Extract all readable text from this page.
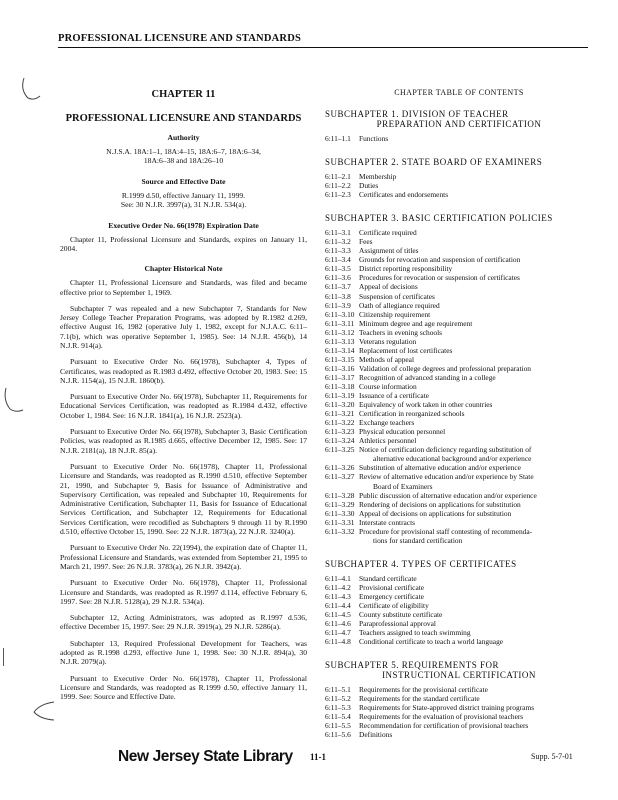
PROFESSIONAL LICENSURE AND STANDARDS
CHAPTER 11
PROFESSIONAL LICENSURE AND STANDARDS
Authority
N.J.S.A. 18A:1–1, 18A:4–15, 18A:6–7, 18A:6–34,
18A:6–38 and 18A:26–10
Source and Effective Date
R.1999 d.50, effective January 11, 1999.
See: 30 N.J.R. 3997(a), 31 N.J.R. 534(a).
Executive Order No. 66(1978) Expiration Date
Chapter 11, Professional Licensure and Standards, expires on January 11, 2004.
Chapter Historical Note
Chapter 11, Professional Licensure and Standards, was filed and became effective prior to September 1, 1969.
Subchapter 7 was repealed and a new Subchapter 7, Standards for New Jersey College Teacher Preparation Programs, was adopted by R.1982 d.269, effective August 16, 1982 (operative July 1, 1982, except for N.J.A.C. 6:11–7.1(b), which was operative September 1, 1985). See: 14 N.J.R. 456(b), 14 N.J.R. 914(a).
Pursuant to Executive Order No. 66(1978), Subchapter 4, Types of Certificates, was readopted as R.1983 d.492, effective October 20, 1983. See: 15 N.J.R. 1154(a), 15 N.J.R. 1860(b).
Pursuant to Executive Order No. 66(1978), Subchapter 11, Requirements for Educational Services Certification, was readopted as R.1984 d.432, effective October 1, 1984. See: 16 N.J.R. 1841(a), 16 N.J.R. 2523(a).
Pursuant to Executive Order No. 66(1978), Subchapter 3, Basic Certification Policies, was readopted as R.1985 d.665, effective December 12, 1985. See: 17 N.J.R. 2181(a), 18 N.J.R. 85(a).
Pursuant to Executive Order No. 66(1978), Chapter 11, Professional Licensure and Standards, was readopted as R.1990 d.510, effective September 21, 1990, and Subchapter 9, Basis for Issuance of Administrative and Supervisory Certification, was repealed and Subchapter 10, Requirements for Administrative Certification, Subchapter 11, Basis for Issuance of Educational Services Certification, and Subchapter 12, Requirements for Educational Services Certification, were recodified as Subchapters 9 through 11 by R.1990 d.510, effective October 15, 1990. See: 22 N.J.R. 1873(a), 22 N.J.R. 3240(a).
Pursuant to Executive Order No. 22(1994), the expiration date of Chapter 11, Professional Licensure and Standards, was extended from September 21, 1995 to March 21, 1997. See: 26 N.J.R. 3783(a), 26 N.J.R. 3942(a).
Pursuant to Executive Order No. 66(1978), Chapter 11, Professional Licensure and Standards, was readopted as R.1997 d.114, effective February 6, 1997. See: 28 N.J.R. 5128(a), 29 N.J.R. 534(a).
Subchapter 12, Acting Administrators, was adopted as R.1997 d.536, effective December 15, 1997. See: 29 N.J.R. 3919(a), 29 N.J.R. 5286(a).
Subchapter 13, Required Professional Development for Teachers, was adopted as R.1998 d.293, effective June 1, 1998. See: 30 N.J.R. 894(a), 30 N.J.R. 2079(a).
Pursuant to Executive Order No. 66(1978), Chapter 11, Professional Licensure and Standards, was readopted as R.1999 d.50, effective January 11, 1999. See: Source and Effective Date.
CHAPTER TABLE OF CONTENTS
SUBCHAPTER 1. DIVISION OF TEACHER
PREPARATION AND CERTIFICATION
6:11–1.1	Functions
SUBCHAPTER 2. STATE BOARD OF EXAMINERS
6:11–2.1	Membership
6:11–2.2	Duties
6:11–2.3	Certificates and endorsements
SUBCHAPTER 3. BASIC CERTIFICATION POLICIES
6:11–3.1	Certificate required
6:11–3.2	Fees
6:11–3.3	Assignment of titles
6:11–3.4	Grounds for revocation and suspension of certification
6:11–3.5	District reporting responsibility
6:11–3.6	Procedures for revocation or suspension of certificates
6:11–3.7	Appeal of decisions
6:11–3.8	Suspension of certificates
6:11–3.9	Oath of allegiance required
6:11–3.10 Citizenship requirement
6:11–3.11 Minimum degree and age requirement
6:11–3.12 Teachers in evening schools
6:11–3.13 Veterans regulation
6:11–3.14 Replacement of lost certificates
6:11–3.15 Methods of appeal
6:11–3.16 Validation of college degrees and professional preparation
6:11–3.17 Recognition of advanced standing in a college
6:11–3.18 Course information
6:11–3.19 Issuance of a certificate
6:11–3.20 Equivalency of work taken in other countries
6:11–3.21 Certification in reorganized schools
6:11–3.22 Exchange teachers
6:11–3.23 Physical education personnel
6:11–3.24 Athletics personnel
6:11–3.25 Notice of certification deficiency regarding substitution of
alternative educational background and/or experience
6:11–3.26 Substitution of alternative education and/or experience
6:11–3.27 Review of alternative education and/or experience by State
Board of Examiners
6:11–3.28 Public discussion of alternative education and/or experience
6:11–3.29 Rendering of decisions on applications for substitution
6:11–3.30 Appeal of decisions on applications for substitution
6:11–3.31 Interstate contracts
6:11–3.32 Procedure for provisional staff contesting of recommenda-
tions for standard certification
SUBCHAPTER 4. TYPES OF CERTIFICATES
6:11–4.1	Standard certificate
6:11–4.2	Provisional certificate
6:11–4.3	Emergency certificate
6:11–4.4	Certificate of eligibility
6:11–4.5	County substitute certificate
6:11–4.6	Paraprofessional approval
6:11–4.7	Teachers assigned to teach swimming
6:11–4.8	Conditional certificate to teach a world language
SUBCHAPTER 5. REQUIREMENTS FOR
INSTRUCTIONAL CERTIFICATION
6:11–5.1	Requirements for the provisional certificate
6:11–5.2	Requirements for the standard certificate
6:11–5.3	Requirements for State-approved district training programs
6:11–5.4	Requirements for the evaluation of provisional teachers
6:11–5.5	Recommendation for certification of provisional teachers
6:11–5.6	Definitions
New Jersey State Library 11-1	Supp. 5-7-01
